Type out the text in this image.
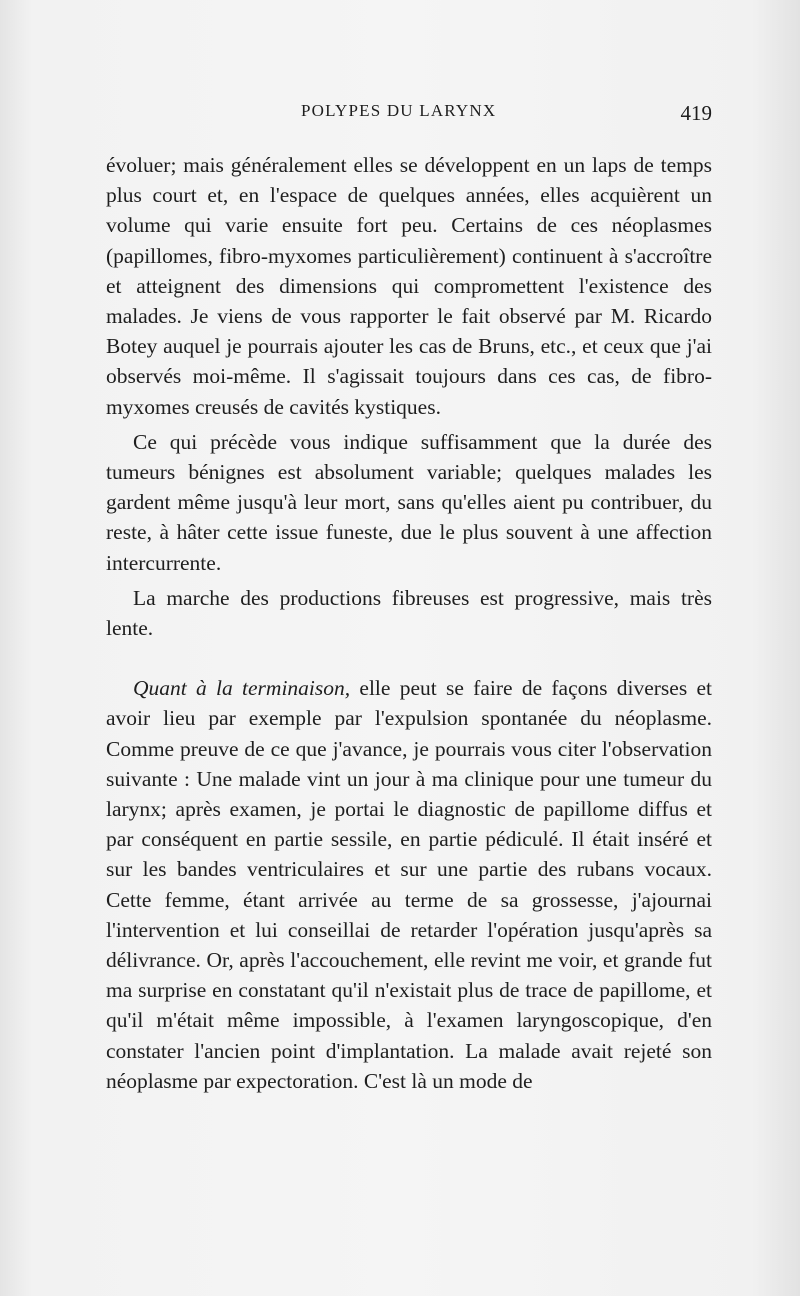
POLYPES DU LARYNX	419

évoluer; mais généralement elles se développent en un laps de temps plus court et, en l'espace de quelques années, elles acquièrent un volume qui varie ensuite fort peu. Certains de ces néoplasmes (papillomes, fibro-myxomes particulièrement) continuent à s'accroître et atteignent des dimensions qui compromettent l'existence des malades. Je viens de vous rapporter le fait observé par M. Ricardo Botey auquel je pourrais ajouter les cas de Bruns, etc., et ceux que j'ai observés moi-même. Il s'agissait toujours dans ces cas, de fibro-myxomes creusés de cavités kystiques.

Ce qui précède vous indique suffisamment que la durée des tumeurs bénignes est absolument variable; quelques malades les gardent même jusqu'à leur mort, sans qu'elles aient pu contribuer, du reste, à hâter cette issue funeste, due le plus souvent à une affection intercurrente.

La marche des productions fibreuses est progressive, mais très lente.

Quant à la terminaison, elle peut se faire de façons diverses et avoir lieu par exemple par l'expulsion spontanée du néoplasme. Comme preuve de ce que j'avance, je pourrais vous citer l'observation suivante : Une malade vint un jour à ma clinique pour une tumeur du larynx; après examen, je portai le diagnostic de papillome diffus et par conséquent en partie sessile, en partie pédiculé. Il était inséré et sur les bandes ventriculaires et sur une partie des rubans vocaux. Cette femme, étant arrivée au terme de sa grossesse, j'ajournai l'intervention et lui conseillai de retarder l'opération jusqu'après sa délivrance. Or, après l'accouchement, elle revint me voir, et grande fut ma surprise en constatant qu'il n'existait plus de trace de papillome, et qu'il m'était même impossible, à l'examen laryngoscopique, d'en constater l'ancien point d'implantation. La malade avait rejeté son néoplasme par expectoration. C'est là un mode de
